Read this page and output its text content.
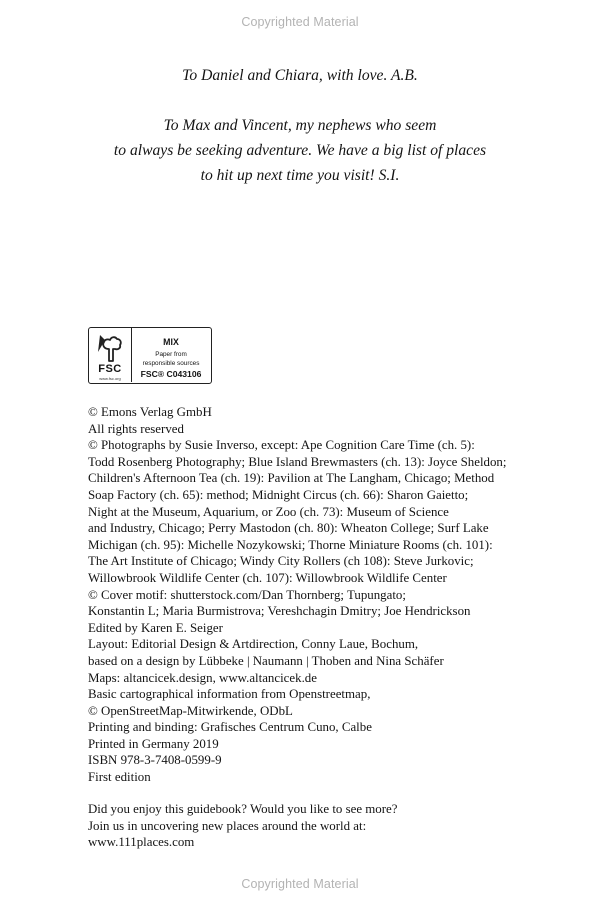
Copyrighted Material
To Daniel and Chiara, with love. A.B.
To Max and Vincent, my nephews who seem
to always be seeking adventure. We have a big list of places
to hit up next time you visit! S.I.
FSC
www.fsc.org
MIX
Paper from
responsible sources
FSC® C043106
© Emons Verlag GmbH
All rights reserved
© Photographs by Susie Inverso, except: Ape Cognition Care Time (ch. 5):
Todd Rosenberg Photography; Blue Island Brewmasters (ch. 13): Joyce Sheldon;
Children's Afternoon Tea (ch. 19): Pavilion at The Langham, Chicago; Method
Soap Factory (ch. 65): method; Midnight Circus (ch. 66): Sharon Gaietto;
Night at the Museum, Aquarium, or Zoo (ch. 73): Museum of Science
and Industry, Chicago; Perry Mastodon (ch. 80): Wheaton College; Surf Lake
Michigan (ch. 95): Michelle Nozykowski; Thorne Miniature Rooms (ch. 101):
The Art Institute of Chicago; Windy City Rollers (ch 108): Steve Jurkovic;
Willowbrook Wildlife Center (ch. 107): Willowbrook Wildlife Center
© Cover motif: shutterstock.com/Dan Thornberg; Tupungato;
Konstantin L; Maria Burmistrova; Vereshchagin Dmitry; Joe Hendrickson
Edited by Karen E. Seiger
Layout: Editorial Design & Artdirection, Conny Laue, Bochum,
based on a design by Lübbeke | Naumann | Thoben and Nina Schäfer
Maps: altancicek.design, www.altancicek.de
Basic cartographical information from Openstreetmap,
© OpenStreetMap-Mitwirkende, ODbL
Printing and binding: Grafisches Centrum Cuno, Calbe
Printed in Germany 2019
ISBN 978-3-7408-0599-9
First edition
Did you enjoy this guidebook? Would you like to see more?
Join us in uncovering new places around the world at:
www.111places.com
Copyrighted Material
